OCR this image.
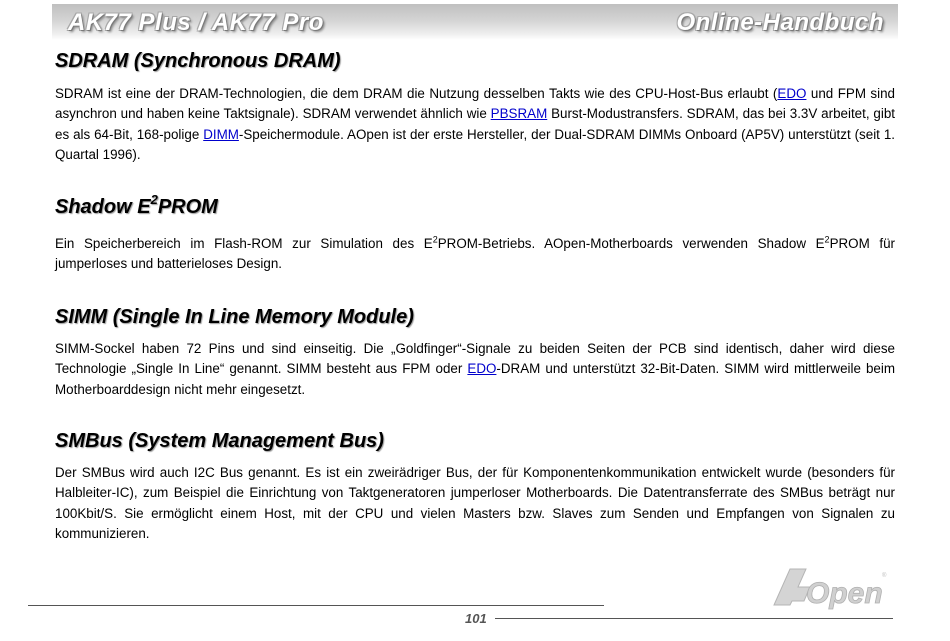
AK77 Plus / AK77 Pro	Online-Handbuch
SDRAM (Synchronous DRAM)

SDRAM ist eine der DRAM-Technologien, die dem DRAM die Nutzung desselben Takts wie des CPU-Host-Bus erlaubt (EDO und FPM sind asynchron und haben keine Taktsignale). SDRAM verwendet ähnlich wie PBSRAM Burst-Modustransfers. SDRAM, das bei 3.3V arbeitet, gibt es als 64-Bit, 168-polige DIMM-Speichermodule. AOpen ist der erste Hersteller, der Dual-SDRAM DIMMs Onboard (AP5V) unterstützt (seit 1. Quartal 1996).

Shadow $E^2PROM$

Ein Speicherbereich im Flash-ROM zur Simulation des $E^2PROM$-Betriebs. AOpen-Motherboards verwenden Shadow $E^2PROM$ für jumperloses und batterieloses Design.

SIMM (Single In Line Memory Module)

SIMM-Sockel haben 72 Pins und sind einseitig. Die „Goldfinger“-Signale zu beiden Seiten der PCB sind identisch, daher wird diese Technologie „Single In Line“ genannt. SIMM besteht aus FPM oder EDO-DRAM und unterstützt 32-Bit-Daten. SIMM wird mittlerweile beim Motherboarddesign nicht mehr eingesetzt.

SMBus (System Management Bus)

Der SMBus wird auch I2C Bus genannt. Es ist ein zweirädriger Bus, der für Komponentenkommunikation entwickelt wurde (besonders für Halbleiter-IC), zum Beispiel die Einrichtung von Taktgeneratoren jumperloser Motherboards. Die Datentransferrate des SMBus beträgt nur 100Kbit/S. Sie ermöglicht einem Host, mit der CPU und vielen Masters bzw. Slaves zum Senden und Empfangen von Signalen zu kommunizieren.

101
Open
®
